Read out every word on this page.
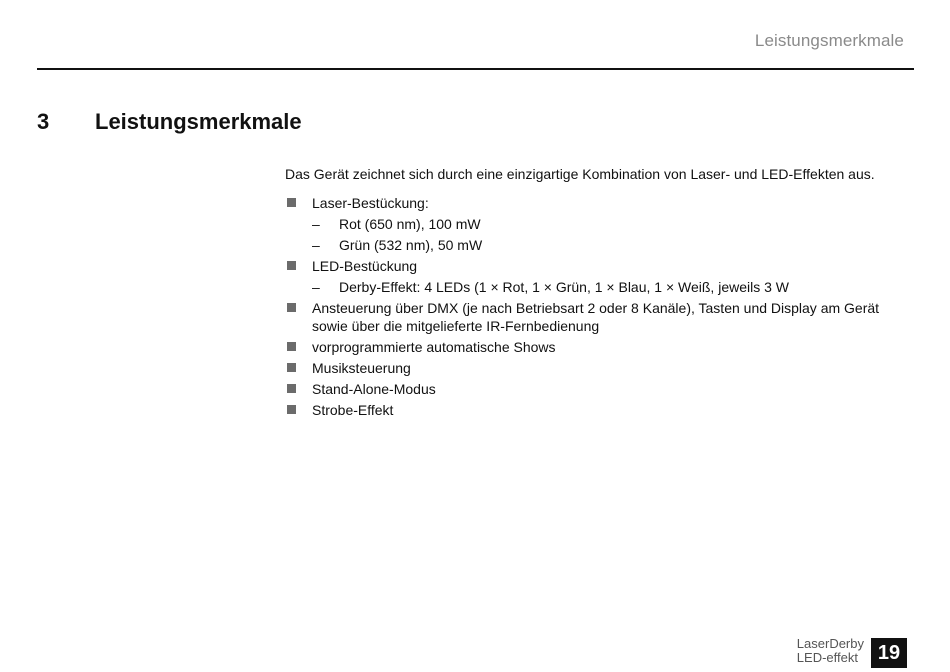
Leistungsmerkmale
3 Leistungsmerkmale

Das Gerät zeichnet sich durch eine einzigartige Kombination von Laser- und LED-Effekten aus.

Laser-Bestückung:
–	Rot (650 nm), 100 mW
–	Grün (532 nm), 50 mW
LED-Bestückung
–	Derby-Effekt: 4 LEDs (1 × Rot, 1 × Grün, 1 × Blau, 1 × Weiß, jeweils 3 W
Ansteuerung über DMX (je nach Betriebsart 2 oder 8 Kanäle), Tasten und Display am Gerät sowie über die mitgelieferte IR-Fernbedienung
vorprogrammierte automatische Shows
Musiksteuerung
Stand-Alone-Modus
Strobe-Effekt
LaserDerby
LED-effekt 19
